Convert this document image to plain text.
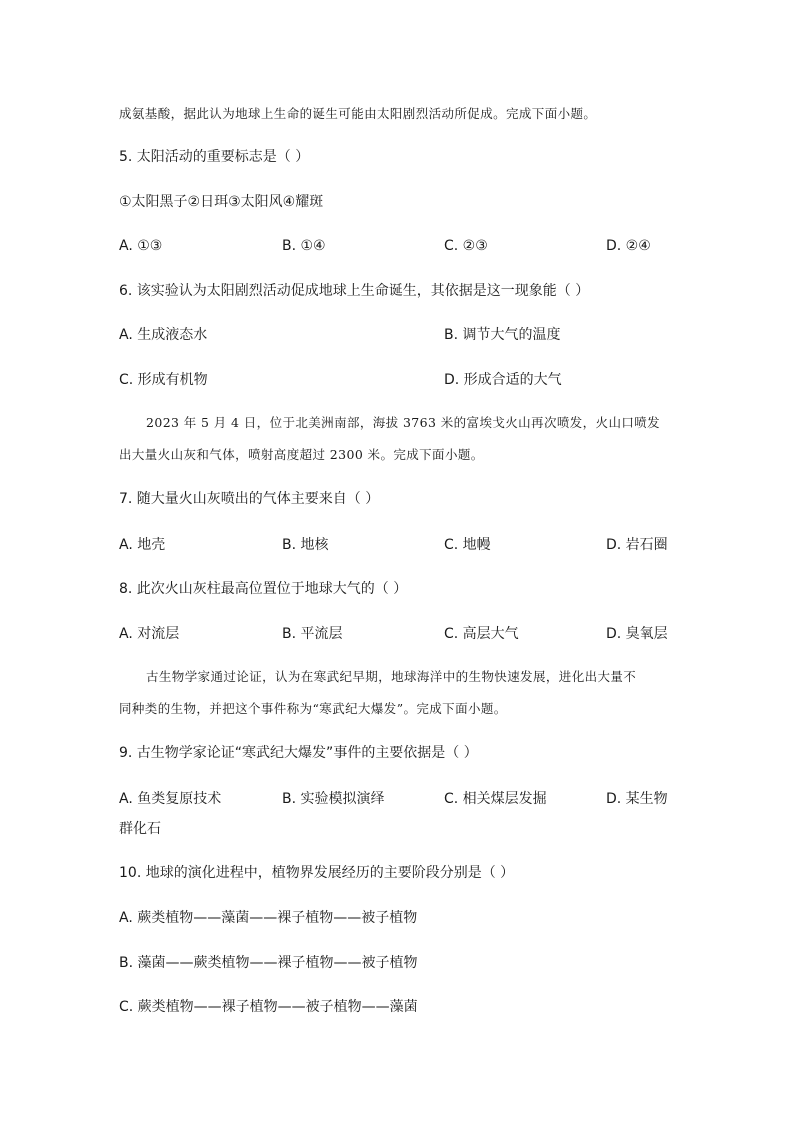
成氨基酸，据此认为地球上生命的诞生可能由太阳剧烈活动所促成。完成下面小题。
5. 太阳活动的重要标志是（ ）
①太阳黑子②日珥③太阳风④耀斑
A. ①③	B. ①④	C. ②③	D. ②④
6. 该实验认为太阳剧烈活动促成地球上生命诞生，其依据是这一现象能（ ）
A. 生成液态水	B. 调节大气的温度
C. 形成有机物	D. 形成合适的大气
2023 年 5 月 4 日，位于北美洲南部，海拔 3763 米的富埃戈火山再次喷发，火山口喷发
出大量火山灰和气体，喷射高度超过 2300 米。完成下面小题。
7. 随大量火山灰喷出的气体主要来自（ ）
A. 地壳	B. 地核	C. 地幔	D. 岩石圈
8. 此次火山灰柱最高位置位于地球大气的（ ）
A. 对流层	B. 平流层	C. 高层大气	D. 臭氧层
古生物学家通过论证，认为在寒武纪早期，地球海洋中的生物快速发展，进化出大量不
同种类的生物，并把这个事件称为“寒武纪大爆发”。完成下面小题。
9. 古生物学家论证“寒武纪大爆发”事件的主要依据是（ ）
A. 鱼类复原技术	B. 实验模拟演绎	C. 相关煤层发掘	D. 某生物
群化石
10. 地球的演化进程中，植物界发展经历的主要阶段分别是（ ）
A. 蕨类植物——藻菌——裸子植物——被子植物
B. 藻菌——蕨类植物——裸子植物——被子植物
C. 蕨类植物——裸子植物——被子植物——藻菌
